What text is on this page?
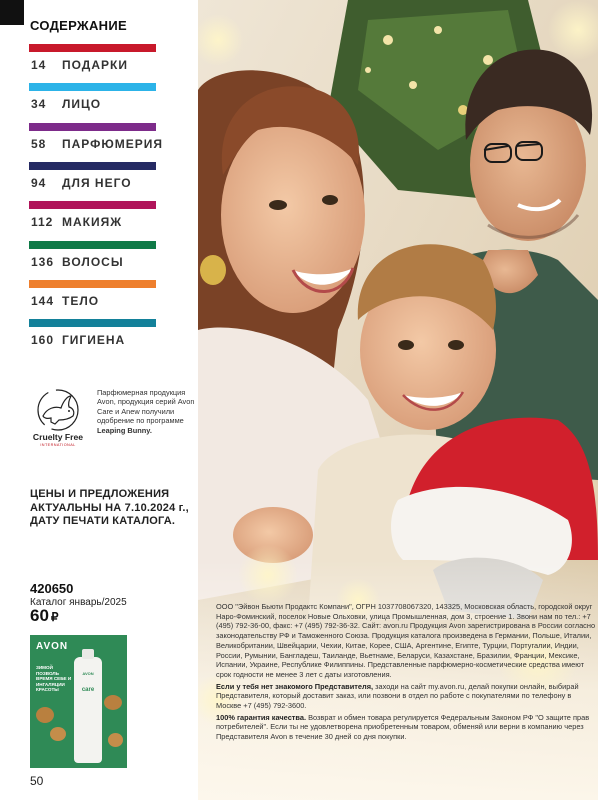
СОДЕРЖАНИЕ
14 ПОДАРКИ
34 ЛИЦО
58 ПАРФЮМЕРИЯ
94 ДЛЯ НЕГО
112 МАКИЯЖ
136 ВОЛОСЫ
144 ТЕЛО
160 ГИГИЕНА
Cruelty Free
INTERNATIONAL
Парфюмерная продукция Avon, продукция серий Avon Care и Anew получили одобрение по программе Leaping Bunny.
ЦЕНЫ И ПРЕДЛОЖЕНИЯ АКТУАЛЬНЫ НА 7.10.2024 г., ДАТУ ПЕЧАТИ КАТАЛОГА.
420650
Каталог январь/2025
60 ₽
AVON
ЗИМОЙ ПОЗВОЛЬ ВРЕМЯ СЕБЕ И ИНГАЛЯЦИИ КРАСОТЫ
AVON
care
50

ООО "Эйвон Бьюти Продактс Компани", ОГРН 1037708067320, 143325, Московская область, городской округ Наро-Фоминский, поселок Новые Ольховки, улица Промышленная, дом 3, строение 1. Звони нам по тел.: +7 (495) 792-36-00, факс: +7 (495) 792-36-32. Сайт: avon.ru Продукция Avon зарегистрирована в России согласно законодательству РФ и Таможенного Союза. Продукция каталога произведена в Германии, Польше, Италии, Великобритании, Швейцарии, Чехии, Китае, Корее, США, Аргентине, Египте, Турции, Португалии, Индии, России, Румынии, Бангладеш, Таиланде, Вьетнаме, Беларуси, Казахстане, Бразилии, Франции, Мексике, Испании, Украине, Республике Филиппины. Представленные парфюмерно-косметические средства имеют срок годности не менее 3 лет с даты изготовления.

Если у тебя нет знакомого Представителя, заходи на сайт my.avon.ru, делай покупки онлайн, выбирай Представителя, который доставит заказ, или позвони в отдел по работе с покупателями по телефону в Москве +7 (495) 792-3600.

100% гарантия качества. Возврат и обмен товара регулируется Федеральным Законом РФ "О защите прав потребителей". Если ты не удовлетворена приобретенным товаром, обменяй или верни в компанию через Представителя Avon в течение 30 дней со дня покупки.
